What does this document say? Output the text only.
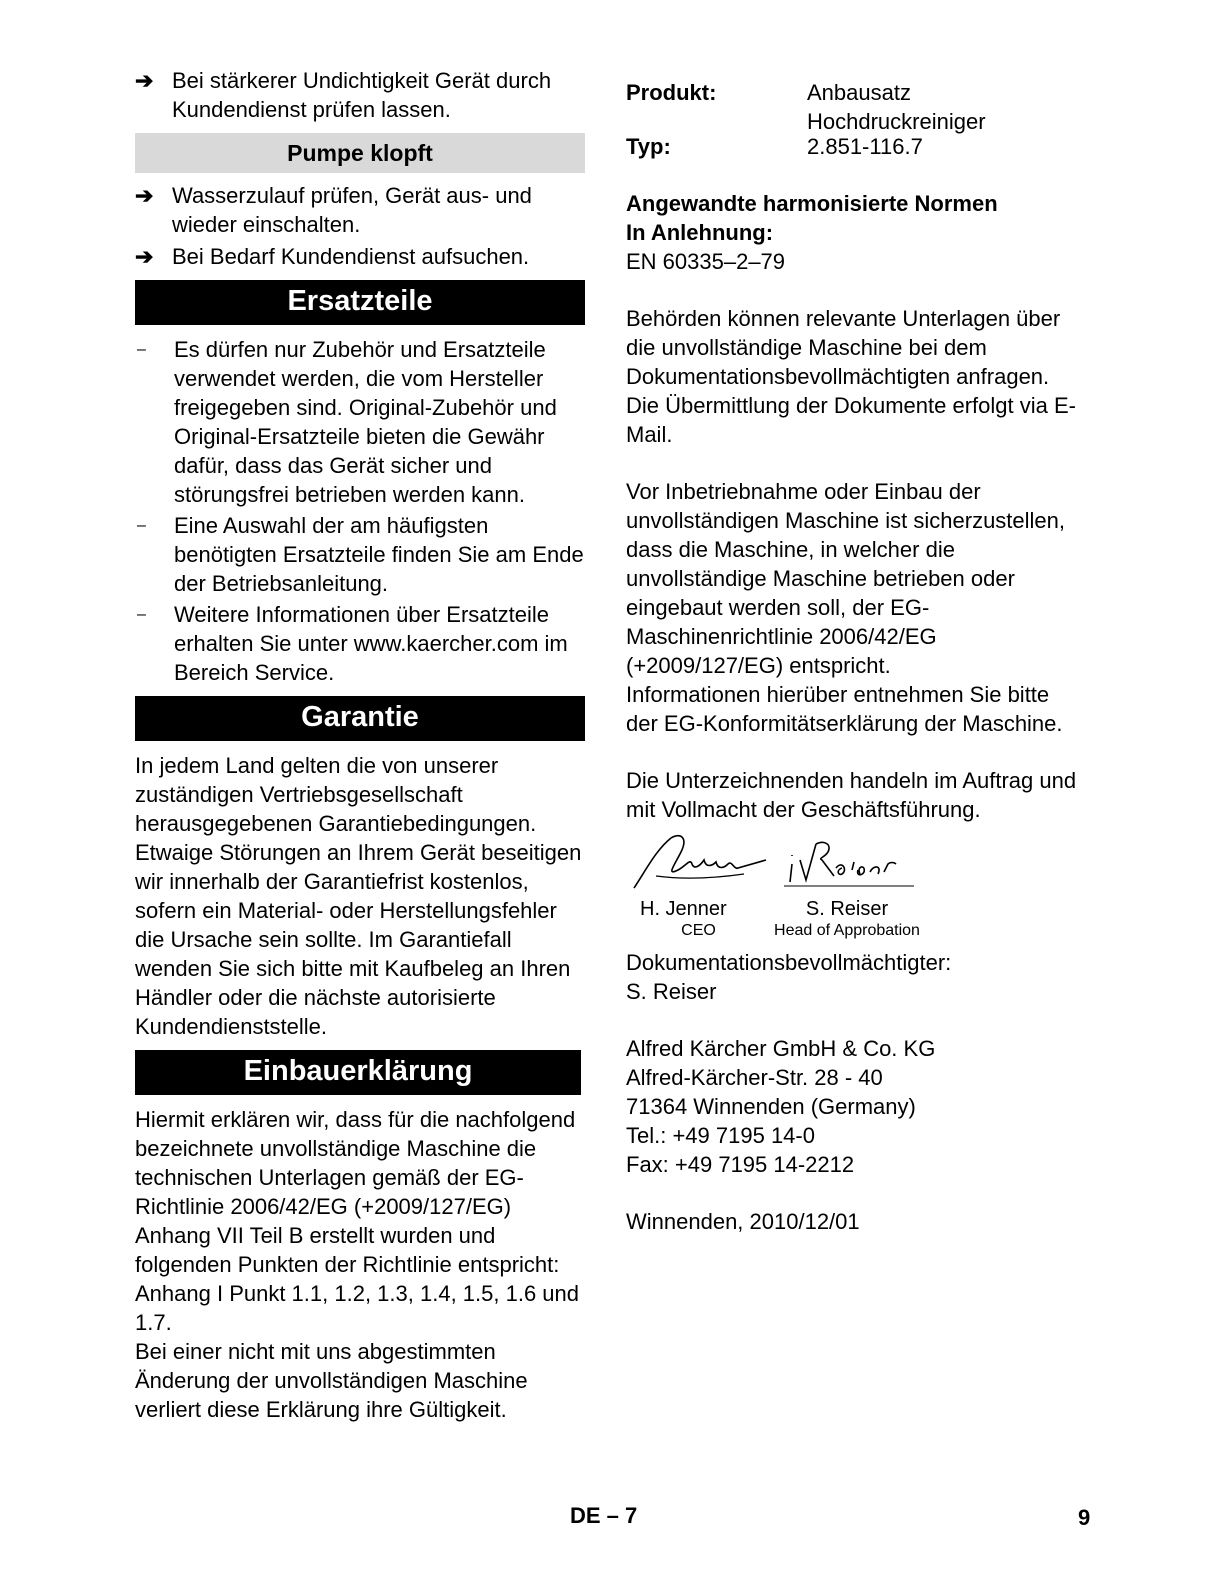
➔ Bei stärkerer Undichtigkeit Gerät durch Kundendienst prüfen lassen.
Pumpe klopft
➔ Wasserzulauf prüfen, Gerät aus- und wieder einschalten.
➔ Bei Bedarf Kundendienst aufsuchen.
Ersatzteile
–	Es dürfen nur Zubehör und Ersatzteile verwendet werden, die vom Hersteller freigegeben sind. Original-Zubehör und Original-Ersatzteile bieten die Gewähr dafür, dass das Gerät sicher und störungsfrei betrieben werden kann.
–	Eine Auswahl der am häufigsten benötigten Ersatzteile finden Sie am Ende der Betriebsanleitung.
–	Weitere Informationen über Ersatzteile erhalten Sie unter www.kaercher.com im Bereich Service.
Garantie

In jedem Land gelten die von unserer zuständigen Vertriebsgesellschaft herausgegebenen Garantiebedingungen. Etwaige Störungen an Ihrem Gerät beseitigen wir innerhalb der Garantiefrist kostenlos, sofern ein Material- oder Herstellungsfehler die Ursache sein sollte. Im Garantiefall wenden Sie sich bitte mit Kaufbeleg an Ihren Händler oder die nächste autorisierte Kundendienststelle.

Einbauerklärung

Hiermit erklären wir, dass für die nachfolgend bezeichnete unvollständige Maschine die technischen Unterlagen gemäß der EG-Richtlinie 2006/42/EG (+2009/127/EG) Anhang VII Teil B erstellt wurden und folgenden Punkten der Richtlinie entspricht: Anhang I Punkt 1.1, 1.2, 1.3, 1.4, 1.5, 1.6 und 1.7.

Bei einer nicht mit uns abgestimmten Änderung der unvollständigen Maschine verliert diese Erklärung ihre Gültigkeit.

Produkt:	Anbausatz Hochdruckreiniger
Typ:	2.851-116.7

Angewandte harmonisierte Normen

In Anlehnung:

EN 60335–2–79

Behörden können relevante Unterlagen über die unvollständige Maschine bei dem Dokumentationsbevollmächtigten anfragen. Die Übermittlung der Dokumente erfolgt via E-Mail.

Vor Inbetriebnahme oder Einbau der unvollständigen Maschine ist sicherzustellen, dass die Maschine, in welcher die unvollständige Maschine betrieben oder eingebaut werden soll, der EG-Maschinenrichtlinie 2006/42/EG (+2009/127/EG) entspricht.

Informationen hierüber entnehmen Sie bitte der EG-Konformitätserklärung der Maschine.

Die Unterzeichnenden handeln im Auftrag und mit Vollmacht der Geschäftsführung.

H. Jenner
CEO
S. Reiser
Head of Approbation

Dokumentationsbevollmächtigter:

S. Reiser

Alfred Kärcher GmbH & Co. KG

Alfred-Kärcher-Str. 28 - 40

71364 Winnenden (Germany)

Tel.: +49 7195 14-0

Fax: +49 7195 14-2212

Winnenden, 2010/12/01

DE – 7	9
